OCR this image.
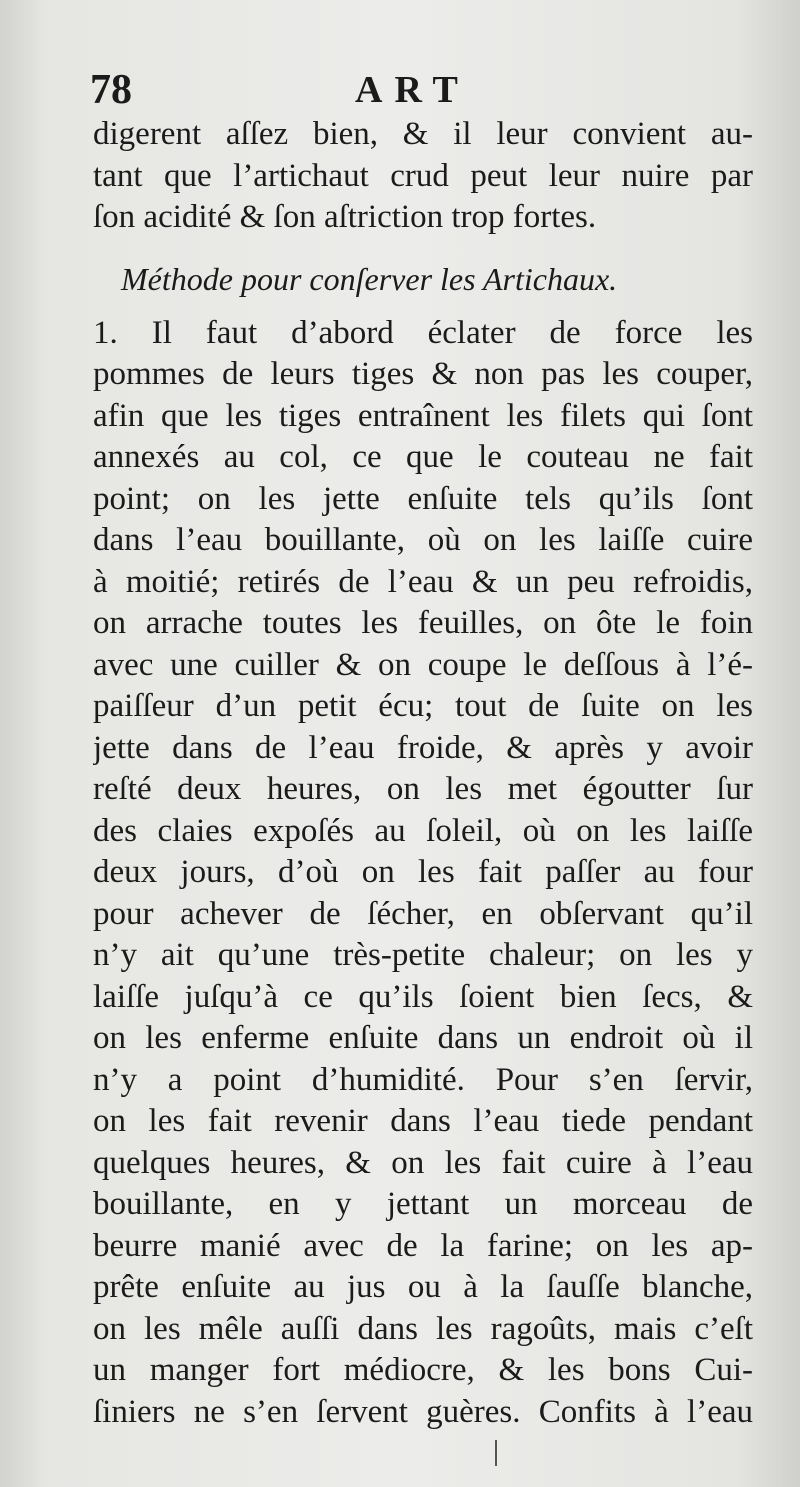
78	ART
digerent aſſez bien, & il leur convient au-
tant que l’artichaut crud peut leur nuire par
ſon acidité & ſon aſtriction trop fortes.
Méthode pour conſerver les Artichaux.
1. Il faut d’abord éclater de force les
pommes de leurs tiges & non pas les couper,
afin que les tiges entraînent les filets qui ſont
annexés au col, ce que le couteau ne fait
point; on les jette enſuite tels qu’ils ſont
dans l’eau bouillante, où on les laiſſe cuire
à moitié; retirés de l’eau & un peu refroidis,
on arrache toutes les feuilles, on ôte le foin
avec une cuiller & on coupe le deſſous à l’é-
paiſſeur d’un petit écu; tout de ſuite on les
jette dans de l’eau froide, & après y avoir
reſté deux heures, on les met égoutter ſur
des claies expoſés au ſoleil, où on les laiſſe
deux jours, d’où on les fait paſſer au four
pour achever de ſécher, en obſervant qu’il
n’y ait qu’une très-petite chaleur; on les y
laiſſe juſqu’à ce qu’ils ſoient bien ſecs, &
on les enferme enſuite dans un endroit où il
n’y a point d’humidité. Pour s’en ſervir,
on les fait revenir dans l’eau tiede pendant
quelques heures, & on les fait cuire à l’eau
bouillante, en y jettant un morceau de
beurre manié avec de la farine; on les ap-
prête enſuite au jus ou à la ſauſſe blanche,
on les mêle auſſi dans les ragoûts, mais c’eſt
un manger fort médiocre, & les bons Cui-
ſiniers ne s’en ſervent guères. Confits à l’eau
